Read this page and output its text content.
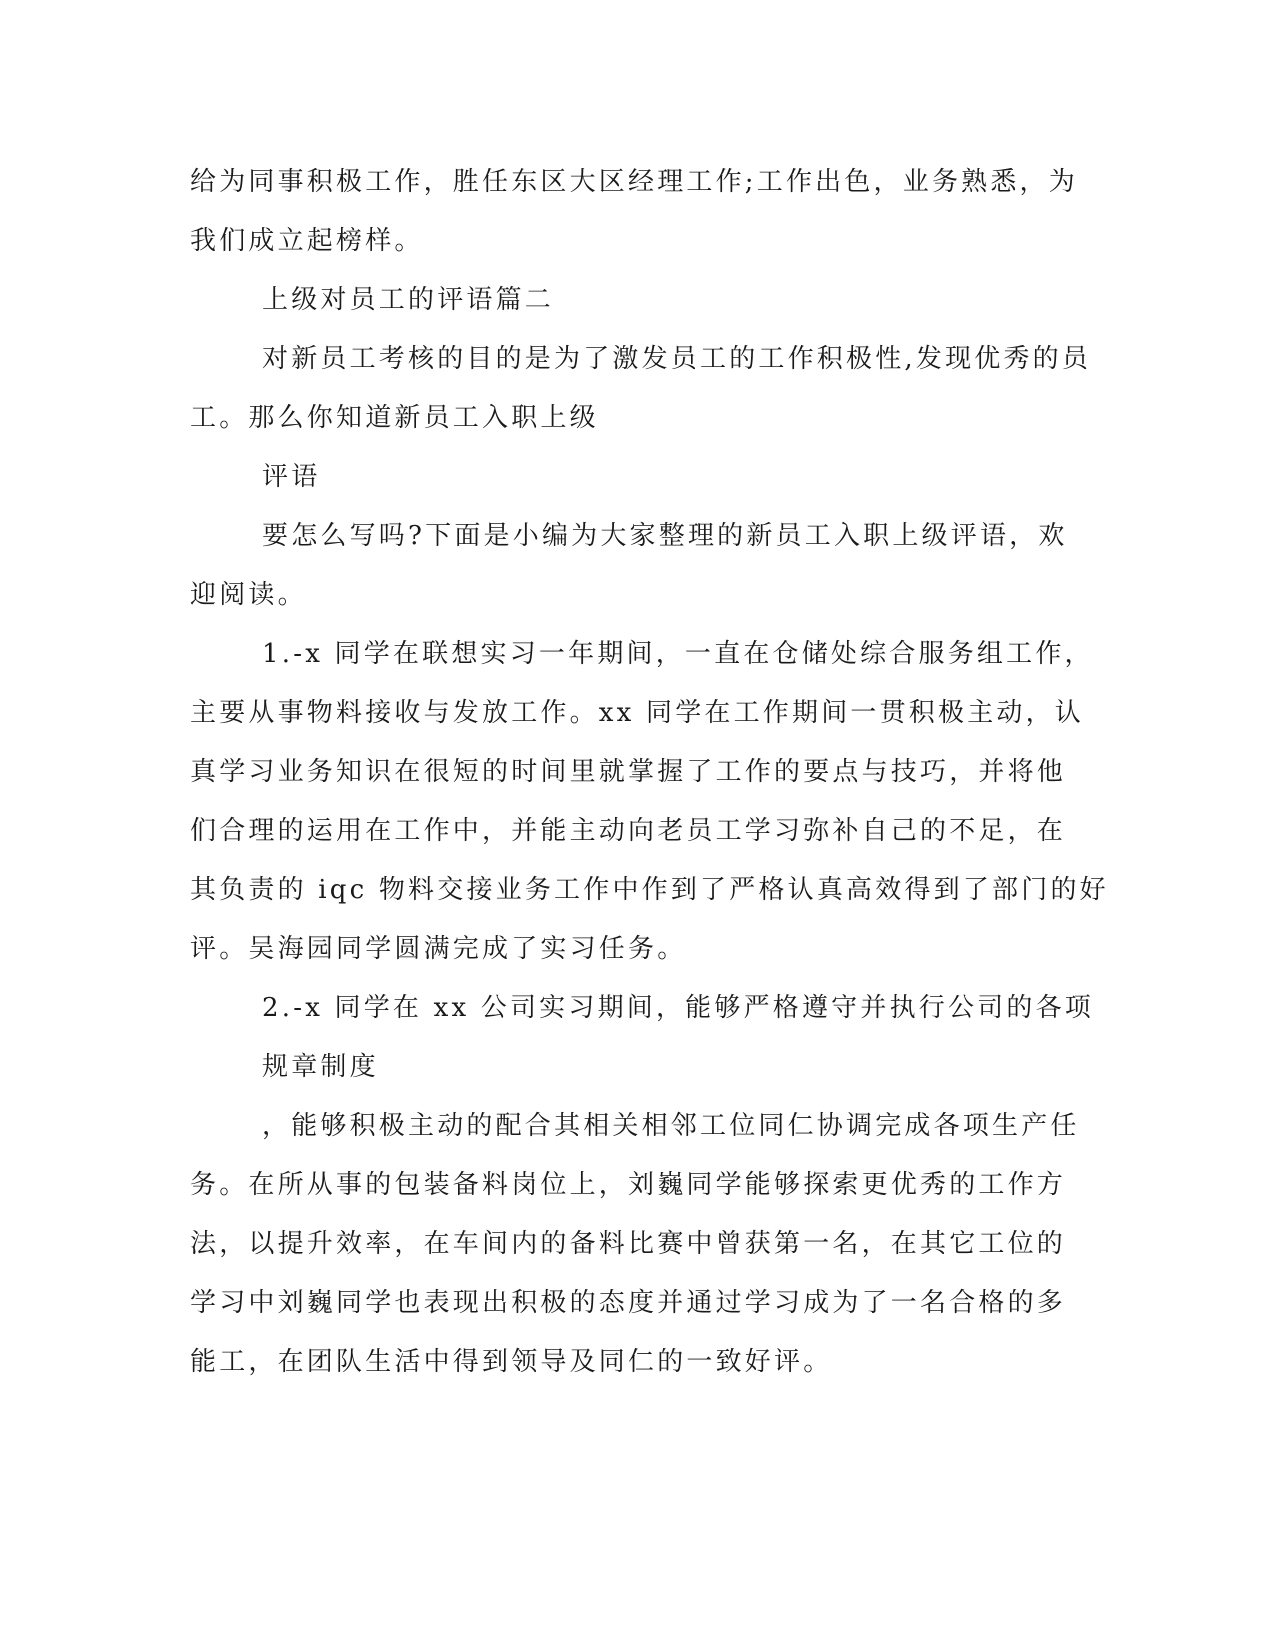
给为同事积极工作，胜任东区大区经理工作;工作出色，业务熟悉，为
我们成立起榜样。
上级对员工的评语篇二
对新员工考核的目的是为了激发员工的工作积极性,发现优秀的员
工。那么你知道新员工入职上级
评语
要怎么写吗?下面是小编为大家整理的新员工入职上级评语，欢
迎阅读。
1.-x 同学在联想实习一年期间，一直在仓储处综合服务组工作，
主要从事物料接收与发放工作。xx 同学在工作期间一贯积极主动，认
真学习业务知识在很短的时间里就掌握了工作的要点与技巧，并将他
们合理的运用在工作中，并能主动向老员工学习弥补自己的不足，在
其负责的 iqc 物料交接业务工作中作到了严格认真高效得到了部门的好
评。吴海园同学圆满完成了实习任务。
2.-x 同学在 xx 公司实习期间，能够严格遵守并执行公司的各项
规章制度
，能够积极主动的配合其相关相邻工位同仁协调完成各项生产任
务。在所从事的包装备料岗位上，刘巍同学能够探索更优秀的工作方
法，以提升效率，在车间内的备料比赛中曾获第一名，在其它工位的
学习中刘巍同学也表现出积极的态度并通过学习成为了一名合格的多
能工，在团队生活中得到领导及同仁的一致好评。
